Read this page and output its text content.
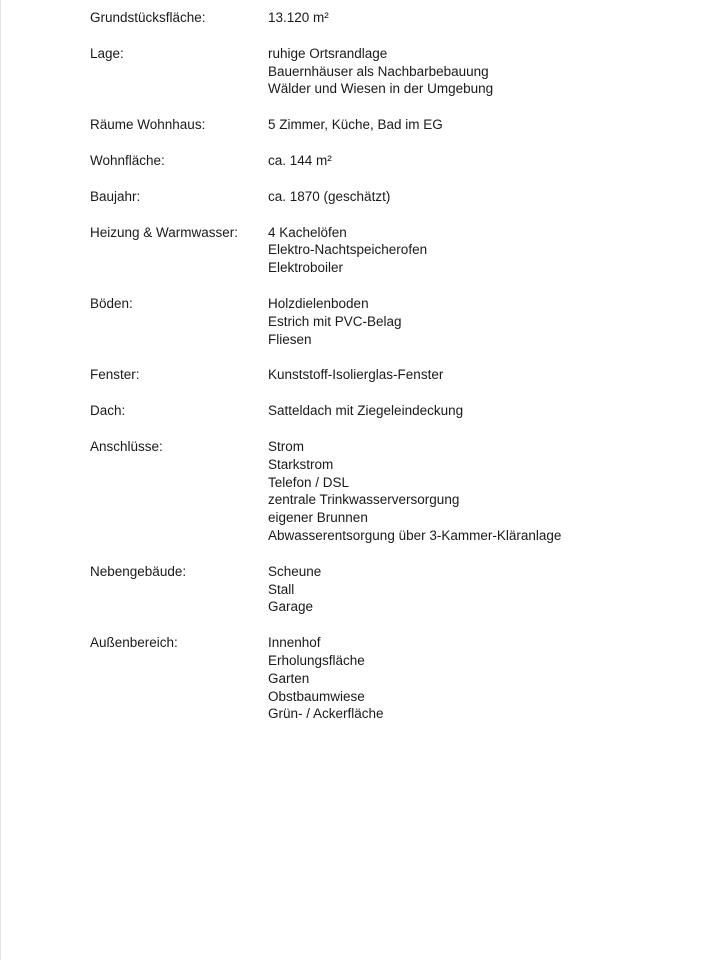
Grundstücksfläche:	13.120 m²
Lage:	ruhige Ortsrandlage
Bauernhäuser als Nachbarbebauung
Wälder und Wiesen in der Umgebung
Räume Wohnhaus:	5 Zimmer, Küche, Bad im EG
Wohnfläche:	ca. 144 m²
Baujahr:	ca. 1870 (geschätzt)
Heizung & Warmwasser:	4 Kachelöfen
Elektro-Nachtspeicherofen
Elektroboiler
Böden:	Holzdielenboden
Estrich mit PVC-Belag
Fliesen
Fenster:	Kunststoff-Isolierglas-Fenster
Dach:	Satteldach mit Ziegeleindeckung
Anschlüsse:	Strom
Starkstrom
Telefon / DSL
zentrale Trinkwasserversorgung
eigener Brunnen
Abwasserentsorgung über 3-Kammer-Kläranlage
Nebengebäude:	Scheune
Stall
Garage
Außenbereich:	Innenhof
Erholungsfläche
Garten
Obstbaumwiese
Grün- / Ackerfläche
